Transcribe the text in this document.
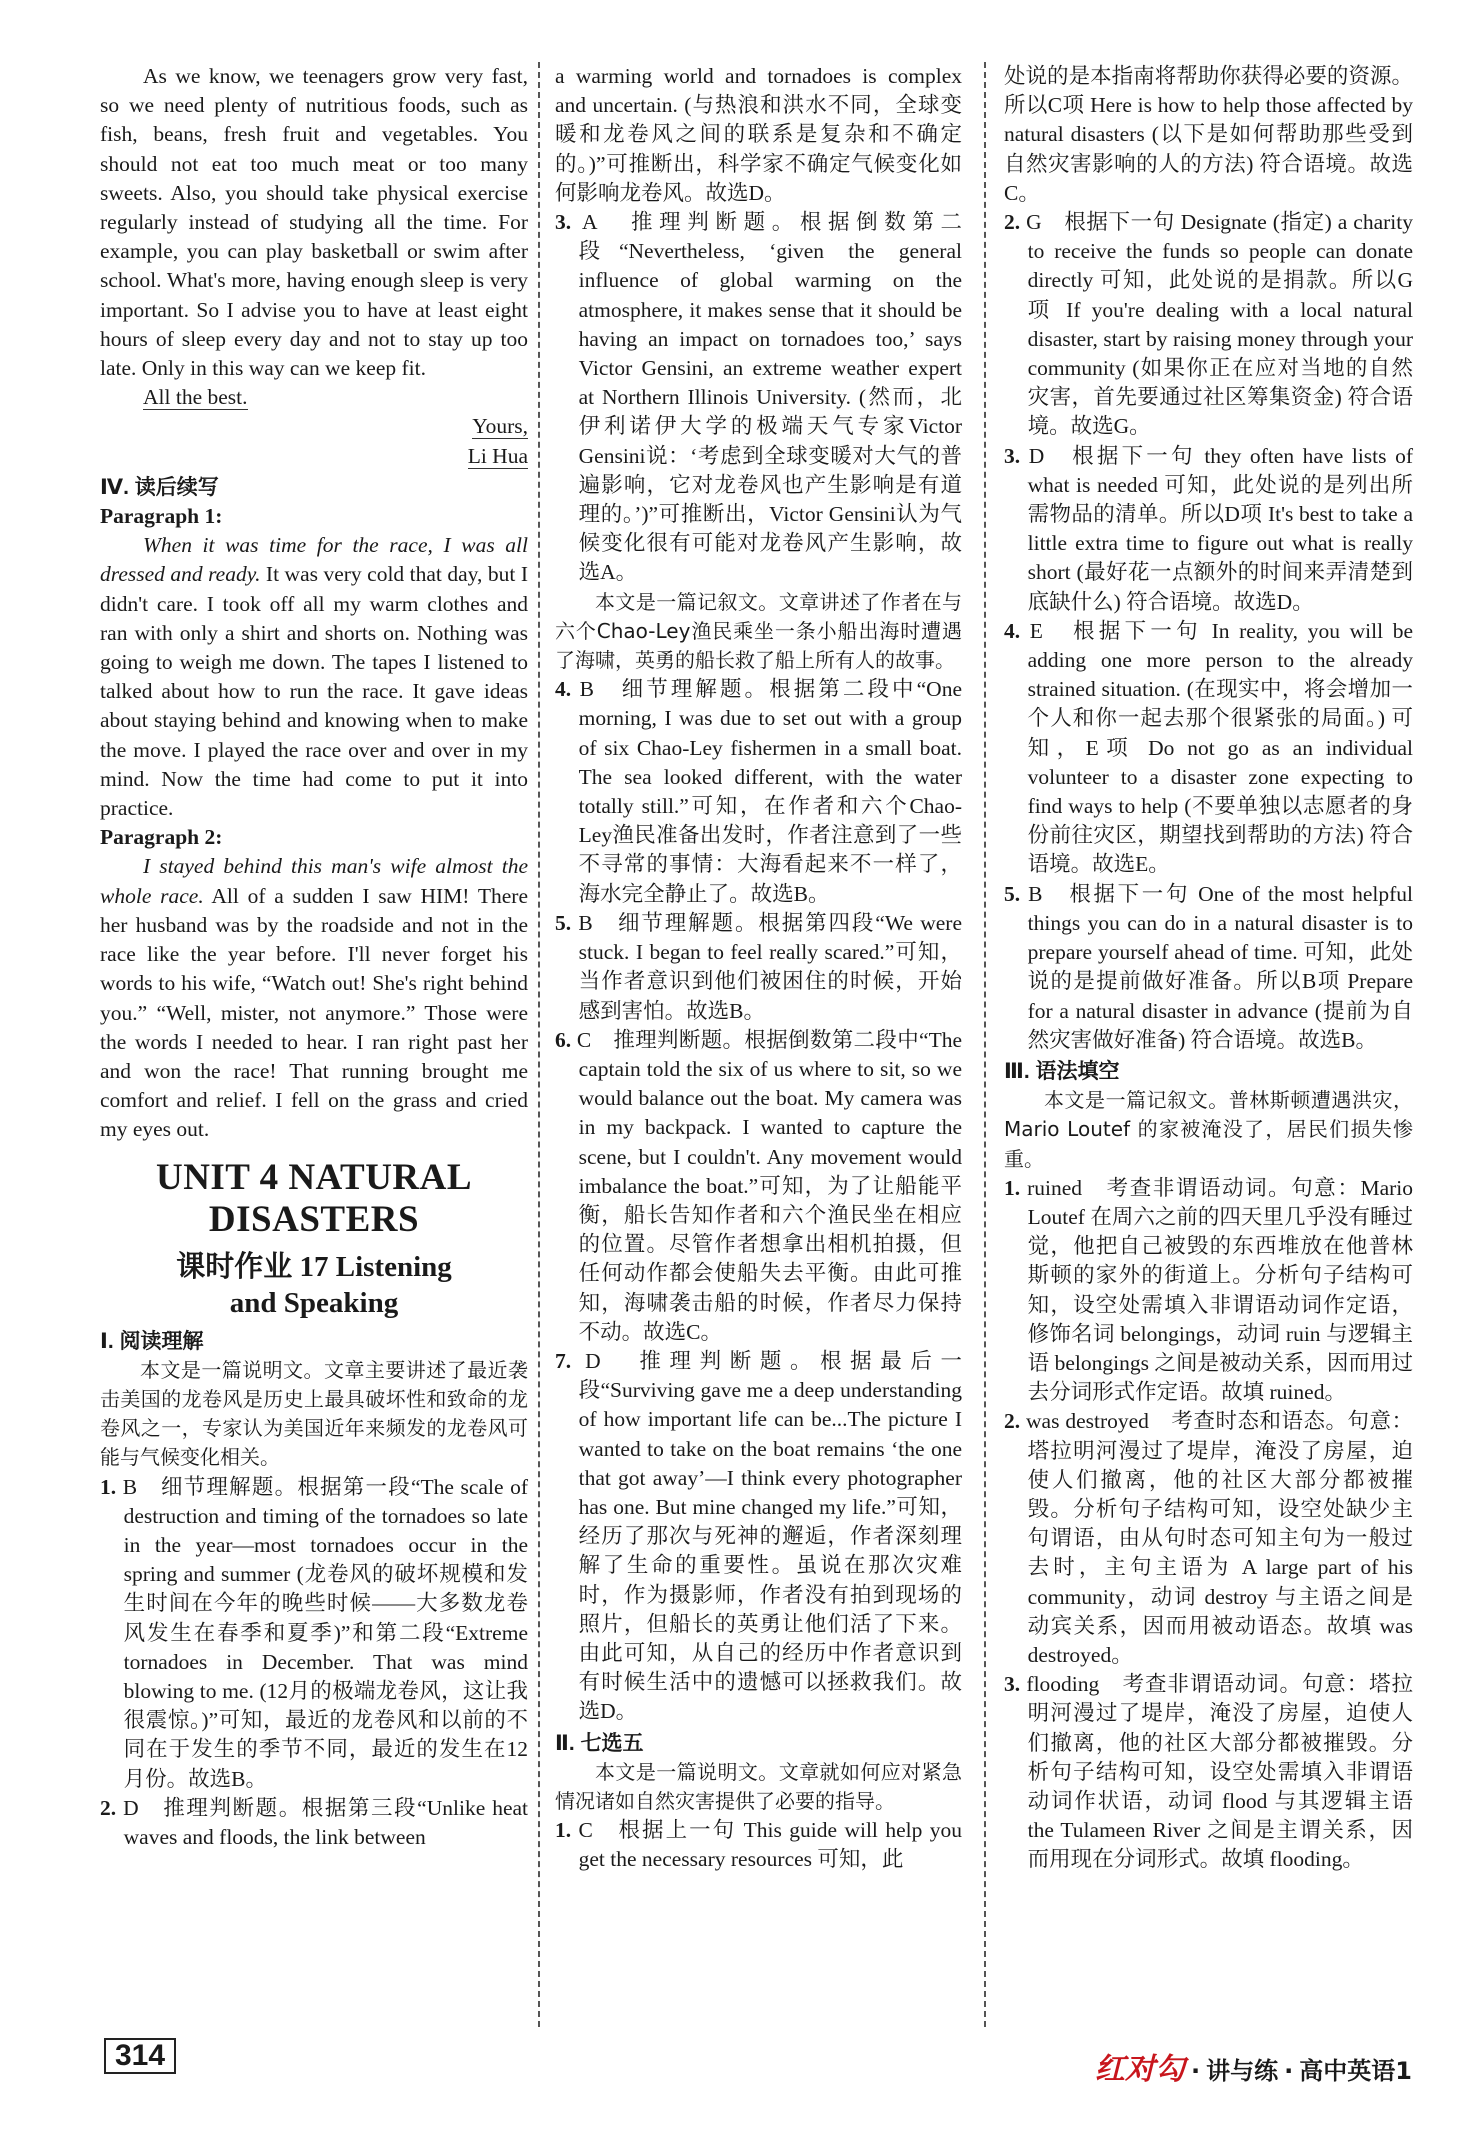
As we know, we teenagers grow very fast, so we need plenty of nutritious foods, such as fish, beans, fresh fruit and vegetables. You should not eat too much meat or too many sweets. Also, you should take physical exercise regularly instead of studying all the time. For example, you can play basketball or swim after school. What's more, having enough sleep is very important. So I advise you to have at least eight hours of sleep every day and not to stay up too late. Only in this way can we keep fit.

All the best.

Yours,

Li Hua

Ⅳ. 读后续写

Paragraph 1:

When it was time for the race, I was all dressed and ready. It was very cold that day, but I didn't care. I took off all my warm clothes and ran with only a shirt and shorts on. Nothing was going to weigh me down. The tapes I listened to talked about how to run the race. It gave ideas about staying behind and knowing when to make the move. I played the race over and over in my mind. Now the time had come to put it into practice.

Paragraph 2:

I stayed behind this man's wife almost the whole race. All of a sudden I saw HIM! There her husband was by the roadside and not in the race like the year before. I'll never forget his words to his wife, “Watch out! She's right behind you.” “Well, mister, not anymore.” Those were the words I needed to hear. I ran right past her and won the race! That running brought me comfort and relief. I fell on the grass and cried my eyes out.

UNIT 4 NATURAL
DISASTERS
课时作业 17 Listening
and Speaking

Ⅰ. 阅读理解

本文是一篇说明文。文章主要讲述了最近袭击美国的龙卷风是历史上最具破坏性和致命的龙卷风之一，专家认为美国近年来频发的龙卷风可能与气候变化相关。

1. B　细节理解题。根据第一段“The scale of destruction and timing of the tornadoes so late in the year—most tornadoes occur in the spring and summer (龙卷风的破坏规模和发生时间在今年的晚些时候——大多数龙卷风发生在春季和夏季)”和第二段“Extreme tornadoes in December. That was mind blowing to me. (12月的极端龙卷风，这让我很震惊。)”可知，最近的龙卷风和以前的不同在于发生的季节不同，最近的发生在12月份。故选B。

2. D　推理判断题。根据第三段“Unlike heat waves and floods, the link between

a warming world and tornadoes is complex and uncertain. (与热浪和洪水不同，全球变暖和龙卷风之间的联系是复杂和不确定的。)”可推断出，科学家不确定气候变化如何影响龙卷风。故选D。

3. A　推理判断题。根据倒数第二段“Nevertheless, ‘given the general influence of global warming on the atmosphere, it makes sense that it should be having an impact on tornadoes too,’ says Victor Gensini, an extreme weather expert at Northern Illinois University. (然而，北伊利诺伊大学的极端天气专家Victor Gensini说：‘考虑到全球变暖对大气的普遍影响，它对龙卷风也产生影响是有道理的。’)”可推断出，Victor Gensini认为气候变化很有可能对龙卷风产生影响，故选A。

本文是一篇记叙文。文章讲述了作者在与六个Chao-Ley渔民乘坐一条小船出海时遭遇了海啸，英勇的船长救了船上所有人的故事。

4. B　细节理解题。根据第二段中“One morning, I was due to set out with a group of six Chao-Ley fishermen in a small boat. The sea looked different, with the water totally still.”可知，在作者和六个Chao-Ley渔民准备出发时，作者注意到了一些不寻常的事情：大海看起来不一样了，海水完全静止了。故选B。

5. B　细节理解题。根据第四段“We were stuck. I began to feel really scared.”可知，当作者意识到他们被困住的时候，开始感到害怕。故选B。

6. C　推理判断题。根据倒数第二段中“The captain told the six of us where to sit, so we would balance out the boat. My camera was in my backpack. I wanted to capture the scene, but I couldn't. Any movement would imbalance the boat.”可知，为了让船能平衡，船长告知作者和六个渔民坐在相应的位置。尽管作者想拿出相机拍摄，但任何动作都会使船失去平衡。由此可推知，海啸袭击船的时候，作者尽力保持不动。故选C。

7. D　推理判断题。根据最后一段“Surviving gave me a deep understanding of how important life can be...The picture I wanted to take on the boat remains ‘the one that got away’—I think every photographer has one. But mine changed my life.”可知，经历了那次与死神的邂逅，作者深刻理解了生命的重要性。虽说在那次灾难时，作为摄影师，作者没有拍到现场的照片，但船长的英勇让他们活了下来。由此可知，从自己的经历中作者意识到有时候生活中的遗憾可以拯救我们。故选D。

Ⅱ. 七选五

本文是一篇说明文。文章就如何应对紧急情况诸如自然灾害提供了必要的指导。

1. C　根据上一句 This guide will help you get the necessary resources 可知，此

处说的是本指南将帮助你获得必要的资源。所以C项 Here is how to help those affected by natural disasters (以下是如何帮助那些受到自然灾害影响的人的方法) 符合语境。故选C。

2. G　根据下一句 Designate (指定) a charity to receive the funds so people can donate directly 可知，此处说的是捐款。所以G项 If you're dealing with a local natural disaster, start by raising money through your community (如果你正在应对当地的自然灾害，首先要通过社区筹集资金) 符合语境。故选G。

3. D　根据下一句 they often have lists of what is needed 可知，此处说的是列出所需物品的清单。所以D项 It's best to take a little extra time to figure out what is really short (最好花一点额外的时间来弄清楚到底缺什么) 符合语境。故选D。

4. E　根据下一句 In reality, you will be adding one more person to the already strained situation. (在现实中，将会增加一个人和你一起去那个很紧张的局面。) 可知，E项 Do not go as an individual volunteer to a disaster zone expecting to find ways to help (不要单独以志愿者的身份前往灾区，期望找到帮助的方法) 符合语境。故选E。

5. B　根据下一句 One of the most helpful things you can do in a natural disaster is to prepare yourself ahead of time. 可知，此处说的是提前做好准备。所以B项 Prepare for a natural disaster in advance (提前为自然灾害做好准备) 符合语境。故选B。

Ⅲ. 语法填空

本文是一篇记叙文。普林斯顿遭遇洪灾，Mario Loutef 的家被淹没了，居民们损失惨重。

1. ruined　考查非谓语动词。句意：Mario Loutef 在周六之前的四天里几乎没有睡过觉，他把自己被毁的东西堆放在他普林斯顿的家外的街道上。分析句子结构可知，设空处需填入非谓语动词作定语，修饰名词 belongings，动词 ruin 与逻辑主语 belongings 之间是被动关系，因而用过去分词形式作定语。故填 ruined。

2. was destroyed　考查时态和语态。句意：塔拉明河漫过了堤岸，淹没了房屋，迫使人们撤离，他的社区大部分都被摧毁。分析句子结构可知，设空处缺少主句谓语，由从句时态可知主句为一般过去时，主句主语为 A large part of his community，动词 destroy 与主语之间是动宾关系，因而用被动语态。故填 was destroyed。

3. flooding　考查非谓语动词。句意：塔拉明河漫过了堤岸，淹没了房屋，迫使人们撤离，他的社区大部分都被摧毁。分析句子结构可知，设空处需填入非谓语动词作状语，动词 flood 与其逻辑主语 the Tulameen River 之间是主谓关系，因而用现在分词形式。故填 flooding。

314	红对勾 · 讲与练 · 高中英语1
